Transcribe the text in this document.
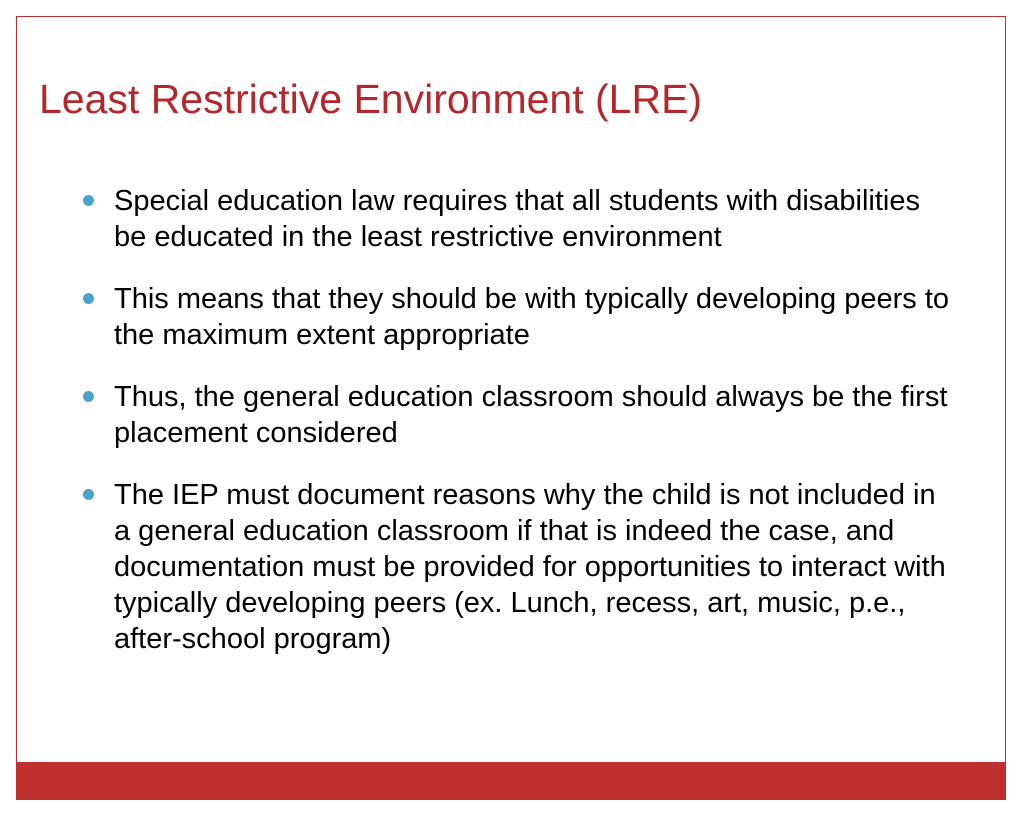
Least Restrictive Environment (LRE)
Special education law requires that all students with disabilities be educated in the least restrictive environment
This means that they should be with typically developing peers to the maximum extent appropriate
Thus, the general education classroom should always be the first placement considered
The IEP must document reasons why the child is not included in a general education classroom if that is indeed the case, and documentation must be provided for opportunities to interact with typically developing peers (ex. Lunch, recess, art, music, p.e., after-school program)
